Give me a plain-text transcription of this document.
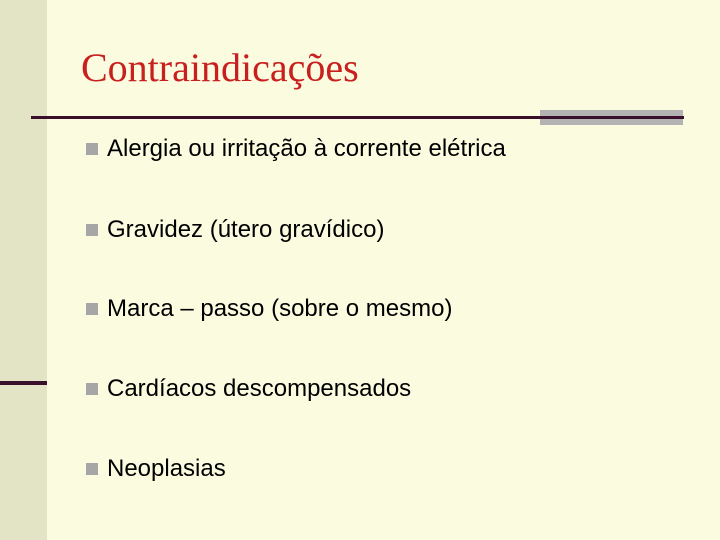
Contraindicações
Alergia ou irritação à corrente elétrica
Gravidez (útero gravídico)
Marca – passo (sobre o mesmo)
Cardíacos descompensados
Neoplasias
